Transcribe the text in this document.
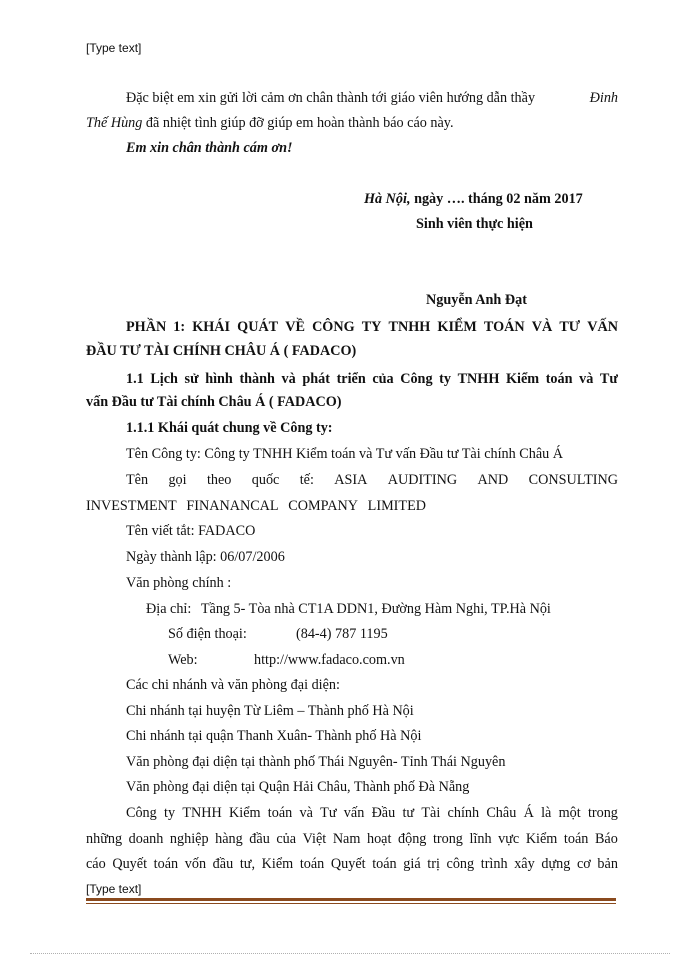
[Type text]
Đặc biệt em xin gửi lời cảm ơn chân thành tới giáo viên hướng dẫn thầy	Đinh
Thế Hùng đã nhiệt tình giúp đỡ giúp em hoàn thành báo cáo này.
Em xin chân thành cám ơn!
Hà Nội, ngày …. tháng 02 năm 2017
Sinh viên thực hiện
Nguyễn Anh Đạt
PHẦN 1: KHÁI QUÁT VỀ CÔNG TY TNHH KIỂM TOÁN VÀ TƯ VẤN
ĐẦU TƯ TÀI CHÍNH CHÂU Á ( FADACO)
1.1 Lịch sử hình thành và phát triển của Công ty TNHH Kiểm toán và Tư
vấn Đầu tư Tài chính Châu Á ( FADACO)
1.1.1 Khái quát chung về Công ty:
Tên Công ty: Công ty TNHH Kiểm toán và Tư vấn Đầu tư Tài chính Châu Á
Tên gọi theo quốc tế: ASIA AUDITING AND CONSULTING
INVESTMENT FINANANCAL COMPANY LIMITED
Tên viết tắt: FADACO
Ngày thành lập: 06/07/2006
Văn phòng chính :
Địa chỉ: Tầng 5- Tòa nhà CT1A DDN1, Đường Hàm Nghi, TP.Hà Nội
Số điện thoại:	(84-4) 787 1195
Web:	http://www.fadaco.com.vn
Các chi nhánh và văn phòng đại diện:
Chi nhánh tại huyện Từ Liêm – Thành phố Hà Nội
Chi nhánh tại quận Thanh Xuân- Thành phố Hà Nội
Văn phòng đại diện tại thành phố Thái Nguyên- Tỉnh Thái Nguyên
Văn phòng đại diện tại Quận Hải Châu, Thành phố Đà Nẵng
Công ty TNHH Kiểm toán và Tư vấn Đầu tư Tài chính Châu Á là một trong
những doanh nghiệp hàng đầu của Việt Nam hoạt động trong lĩnh vực Kiểm toán Báo
cáo Quyết toán vốn đầu tư, Kiểm toán Quyết toán giá trị công trình xây dựng cơ bản
[Type text]
